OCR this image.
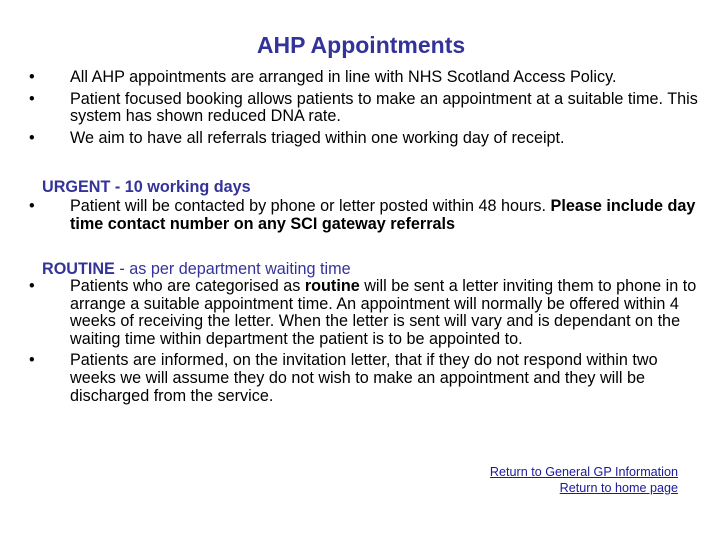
AHP Appointments
•	All AHP appointments are arranged in line with NHS Scotland Access Policy.
•	Patient focused booking allows patients to make an appointment at a suitable time. This system has shown reduced DNA rate.
•	We aim to have all referrals triaged within one working day of receipt.
URGENT - 10 working days
•	Patient will be contacted by phone or letter posted within 48 hours. Please include day time contact number on any SCI gateway referrals
ROUTINE - as per department waiting time
•	Patients who are categorised as routine will be sent a letter inviting them to phone in to arrange a suitable appointment time. An appointment will normally be offered within 4 weeks of receiving the letter. When the letter is sent will vary and is dependant on the waiting time within department the patient is to be appointed to.
•	Patients are informed, on the invitation letter, that if they do not respond within two weeks we will assume they do not wish to make an appointment and they will be discharged from the service.
Return to General GP Information
Return to home page
